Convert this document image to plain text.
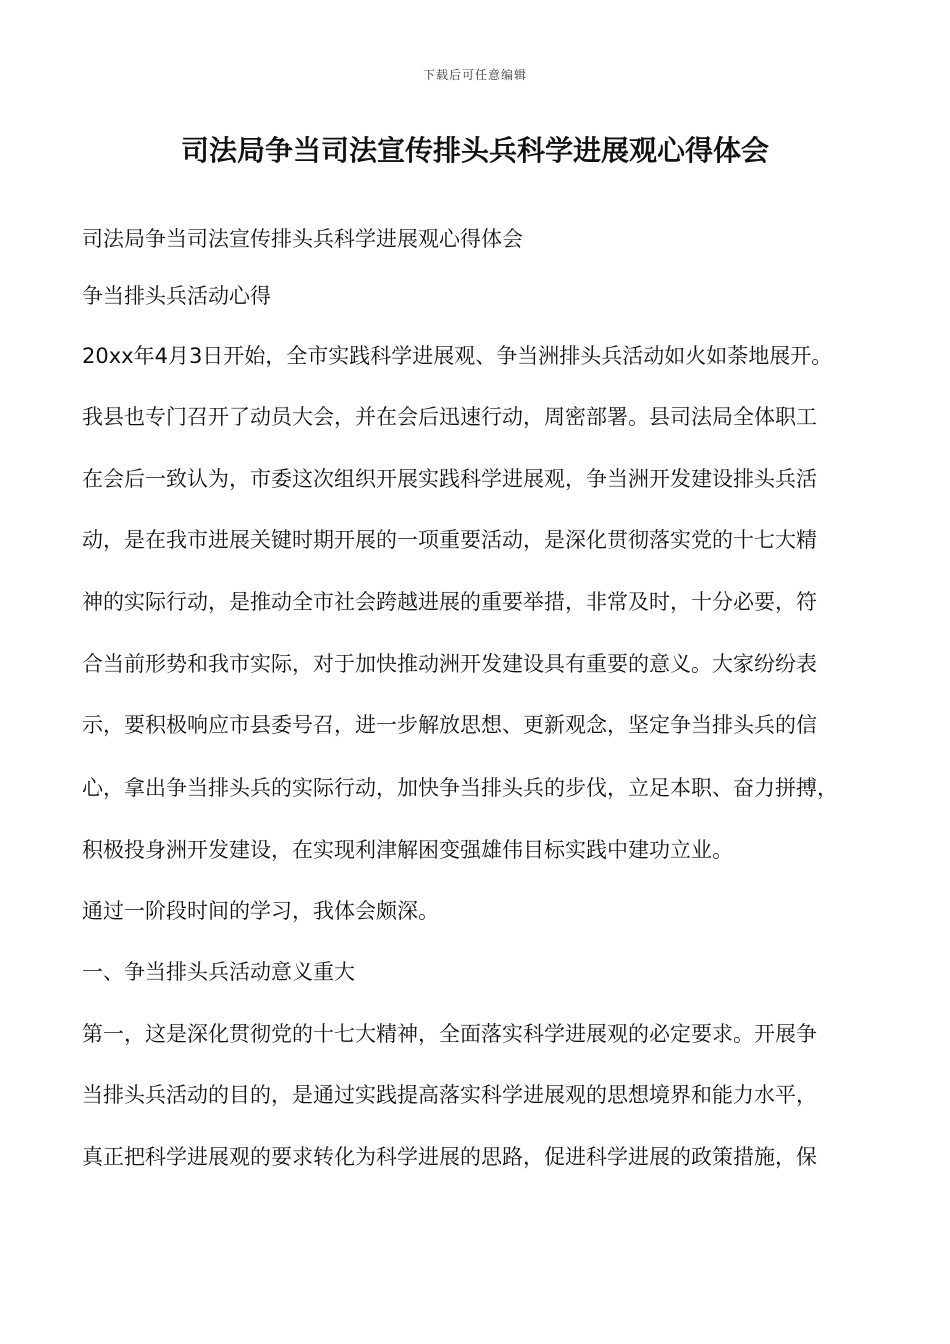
下载后可任意编辑
司法局争当司法宣传排头兵科学进展观心得体会
司法局争当司法宣传排头兵科学进展观心得体会
争当排头兵活动心得
20xx年4月3日开始，全市实践科学进展观、争当洲排头兵活动如火如荼地展开。
我县也专门召开了动员大会，并在会后迅速行动，周密部署。县司法局全体职工
在会后一致认为，市委这次组织开展实践科学进展观，争当洲开发建设排头兵活
动，是在我市进展关键时期开展的一项重要活动，是深化贯彻落实党的十七大精
神的实际行动，是推动全市社会跨越进展的重要举措，非常及时，十分必要，符
合当前形势和我市实际，对于加快推动洲开发建设具有重要的意义。大家纷纷表
示，要积极响应市县委号召，进一步解放思想、更新观念，坚定争当排头兵的信
心，拿出争当排头兵的实际行动，加快争当排头兵的步伐，立足本职、奋力拼搏，
积极投身洲开发建设，在实现利津解困变强雄伟目标实践中建功立业。
通过一阶段时间的学习，我体会颇深。
一、争当排头兵活动意义重大
第一，这是深化贯彻党的十七大精神，全面落实科学进展观的必定要求。开展争
当排头兵活动的目的，是通过实践提高落实科学进展观的思想境界和能力水平，
真正把科学进展观的要求转化为科学进展的思路，促进科学进展的政策措施，保
